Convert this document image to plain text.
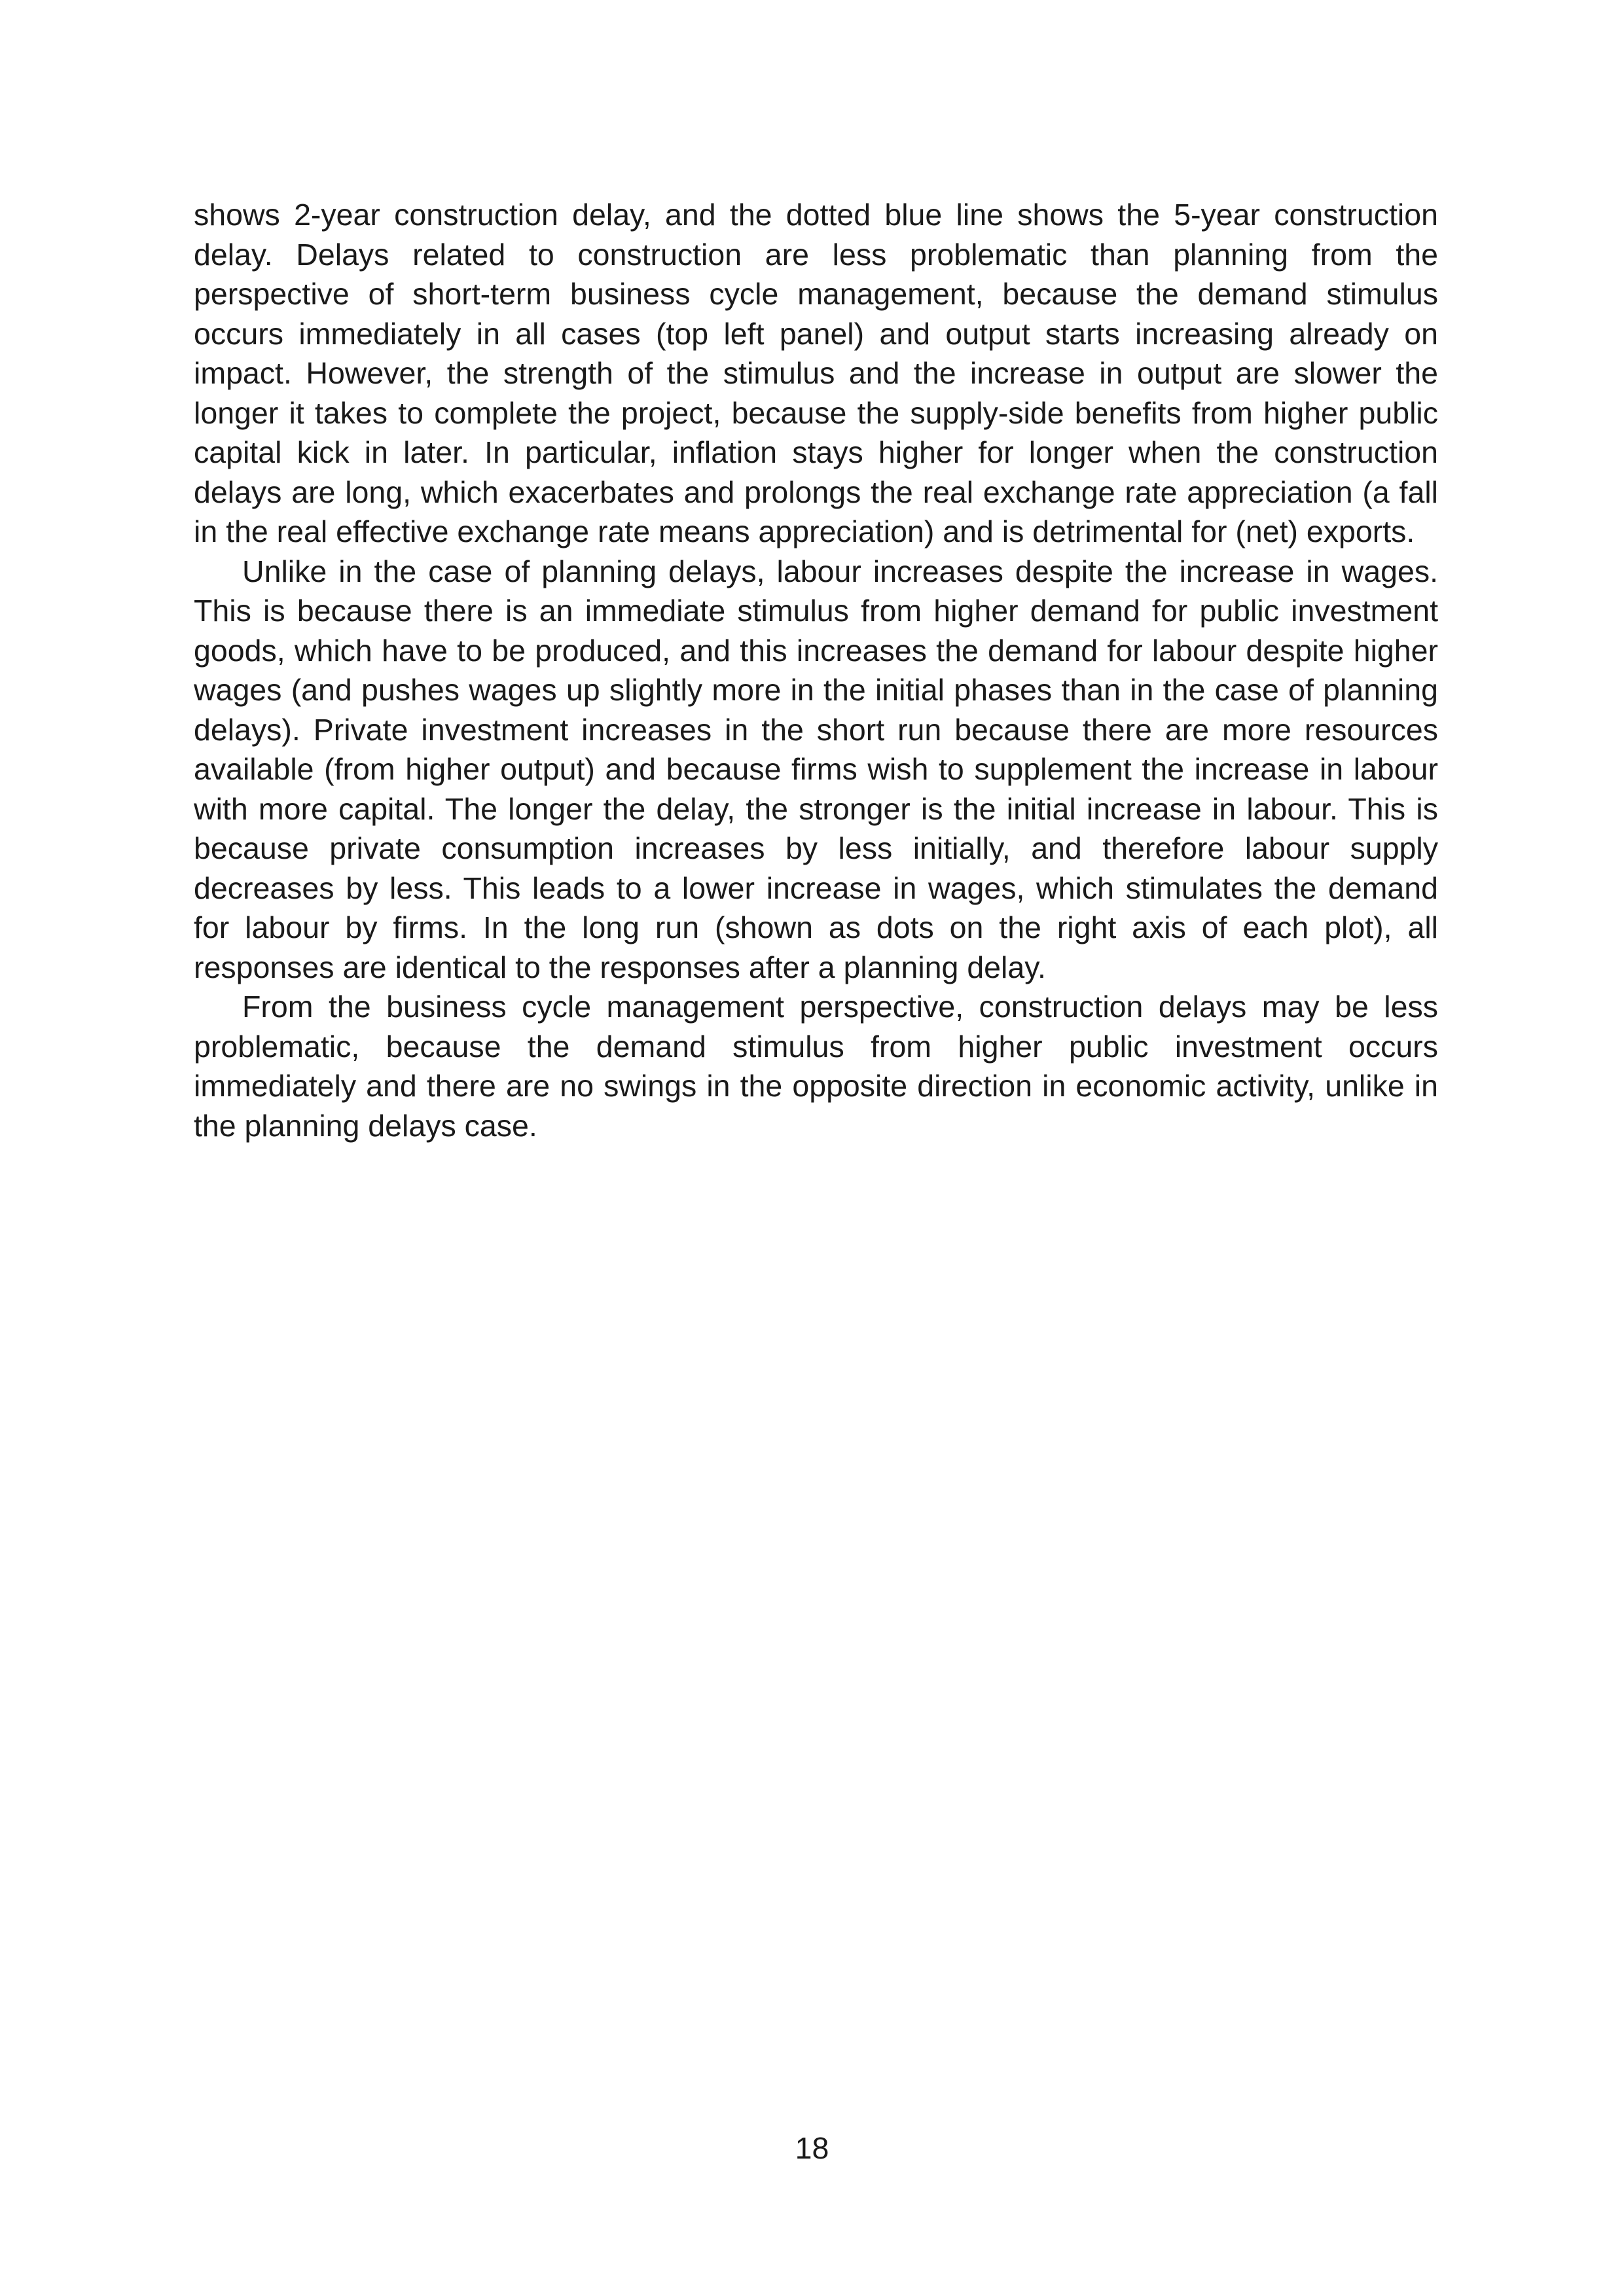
shows 2-year construction delay, and the dotted blue line shows the 5-year construction delay. Delays related to construction are less problematic than planning from the perspective of short-term business cycle management, because the demand stimulus occurs immediately in all cases (top left panel) and output starts increasing already on impact. However, the strength of the stimulus and the increase in output are slower the longer it takes to complete the project, because the supply-side benefits from higher public capital kick in later. In particular, inflation stays higher for longer when the construction delays are long, which exacerbates and prolongs the real exchange rate appreciation (a fall in the real effective exchange rate means appreciation) and is detrimental for (net) exports.

Unlike in the case of planning delays, labour increases despite the increase in wages. This is because there is an immediate stimulus from higher demand for public investment goods, which have to be produced, and this increases the demand for labour despite higher wages (and pushes wages up slightly more in the initial phases than in the case of planning delays). Private investment increases in the short run because there are more resources available (from higher output) and because firms wish to supplement the increase in labour with more capital. The longer the delay, the stronger is the initial increase in labour. This is because private consumption increases by less initially, and therefore labour supply decreases by less. This leads to a lower increase in wages, which stimulates the demand for labour by firms. In the long run (shown as dots on the right axis of each plot), all responses are identical to the responses after a planning delay.

From the business cycle management perspective, construction delays may be less problematic, because the demand stimulus from higher public investment occurs immediately and there are no swings in the opposite direction in economic activity, unlike in the planning delays case.

18
